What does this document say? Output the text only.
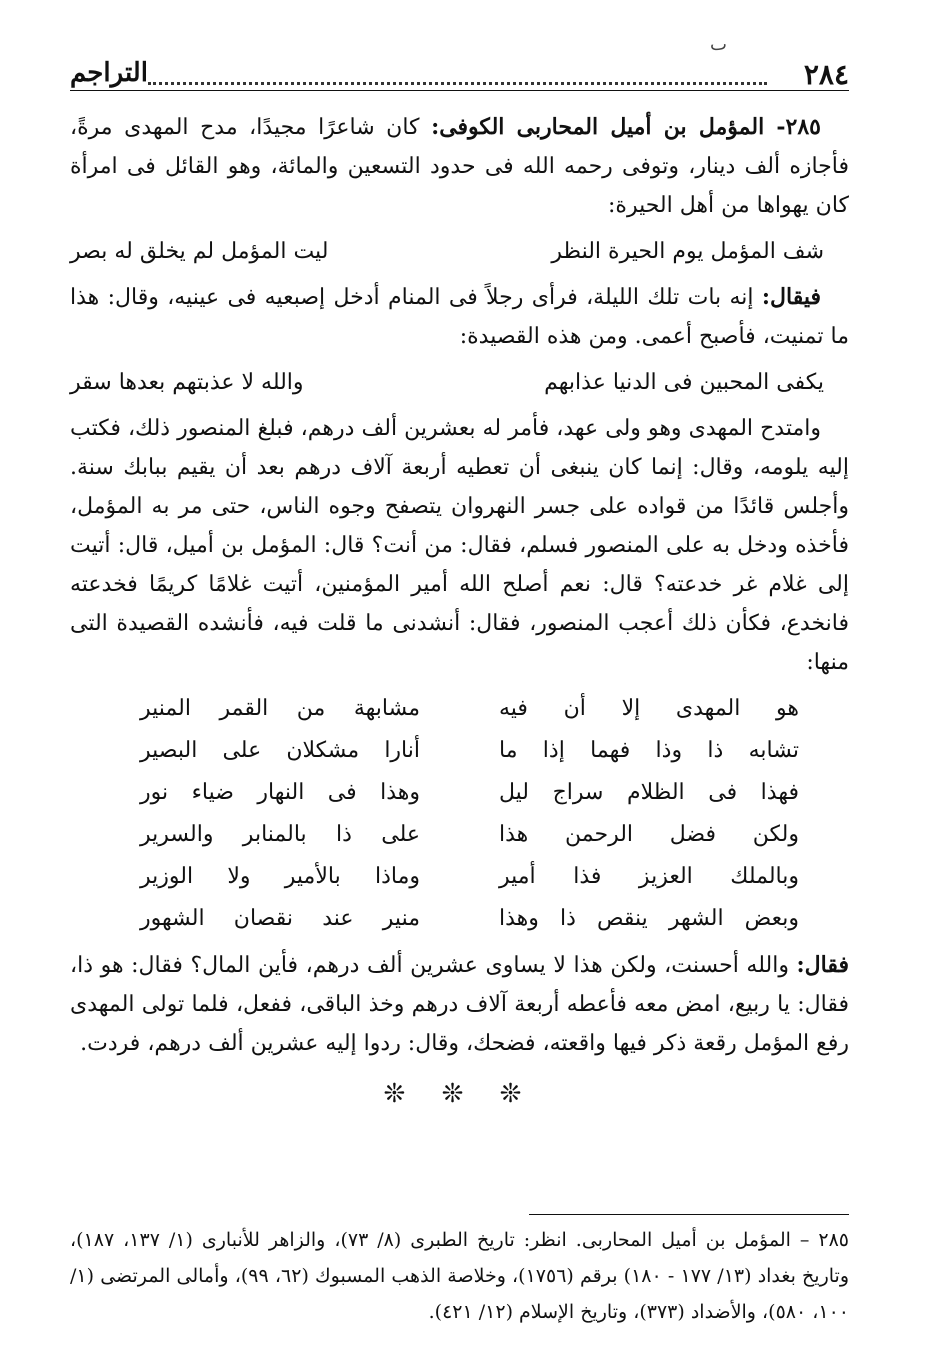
ٮ
٢٨٤
التراجم

٢٨٥- المؤمل بن أميل المحاربى الكوفى: كان شاعرًا مجيدًا، مدح المهدى مرةً، فأجازه ألف دينار، وتوفى رحمه الله فى حدود التسعين والمائة، وهو القائل فى امرأة كان يهواها من أهل الحيرة:

شف المؤمل يوم الحيرة النظر
ليت المؤمل لم يخلق له بصر

فيقال: إنه بات تلك الليلة، فرأى رجلاً فى المنام أدخل إصبعيه فى عينيه، وقال: هذا ما تمنيت، فأصبح أعمى. ومن هذه القصيدة:

يكفى المحبين فى الدنيا عذابهم
والله لا عذبتهم بعدها سقر

وامتدح المهدى وهو ولى عهد، فأمر له بعشرين ألف درهم، فبلغ المنصور ذلك، فكتب إليه يلومه، وقال: إنما كان ينبغى أن تعطيه أربعة آلاف درهم بعد أن يقيم ببابك سنة. وأجلس قائدًا من قواده على جسر النهروان يتصفح وجوه الناس، حتى مر به المؤمل، فأخذه ودخل به على المنصور فسلم، فقال: من أنت؟ قال: المؤمل بن أميل، قال: أتيت إلى غلام غر خدعته؟ قال: نعم أصلح الله أمير المؤمنين، أتيت غلامًا كريمًا فخدعته فانخدع، فكأن ذلك أعجب المنصور، فقال: أنشدنى ما قلت فيه، فأنشده القصيدة التى منها:

هو المهدى إلا أن فيه
مشابهة من القمر المنير
تشابه ذا وذا فهما إذا ما
أنارا مشكلان على البصير
فهذا فى الظلام سراج ليل
وهذا فى النهار ضياء نور
ولكن فضل الرحمن هذا
على ذا بالمنابر والسرير
وبالملك العزيز فذا أمير
وماذا بالأمير ولا الوزير
وبعض الشهر ينقص ذا وهذا
منير عند نقصان الشهور

فقال: والله أحسنت، ولكن هذا لا يساوى عشرين ألف درهم، فأين المال؟ فقال: هو ذا، فقال: يا ربيع، امض معه فأعطه أربعة آلاف درهم وخذ الباقى، ففعل، فلما تولى المهدى رفع المؤمل رقعة ذكر فيها واقعته، فضحك، وقال: ردوا إليه عشرين ألف درهم، فردت.

❊ ❊ ❊

٢٨٥ – المؤمل بن أميل المحاربى. انظر: تاريخ الطبرى (٨/ ٧٣)، والزاهر للأنبارى (١/ ١٣٧، ١٨٧)، وتاريخ بغداد (١٣/ ١٧٧ - ١٨٠) برقم (١٧٥٦)، وخلاصة الذهب المسبوك (٦٢، ٩٩)، وأمالى المرتضى (١/ ١٠٠، ٥٨٠)، والأضداد (٣٧٣)، وتاريخ الإسلام (١٢/ ٤٢١).
